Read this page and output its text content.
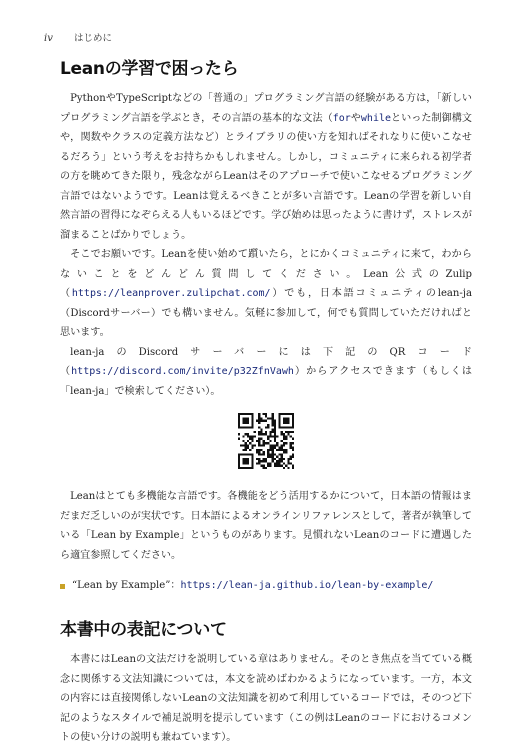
iv はじめに
Leanの学習で困ったら

PythonやTypeScriptなどの「普通の」プログラミング言語の経験がある方は，「新しいプログラミング言語を学ぶとき，その言語の基本的な文法（forやwhileといった制御構文や，関数やクラスの定義方法など）とライブラリの使い方を知ればそれなりに使いこなせるだろう」という考えをお持ちかもしれません。しかし，コミュニティに来られる初学者の方を眺めてきた限り，残念ながらLeanはそのアプローチで使いこなせるプログラミング言語ではないようです。Leanは覚えるべきことが多い言語です。Leanの学習を新しい自然言語の習得になぞらえる人もいるほどです。学び始めは思ったように書けず，ストレスが溜まることばかりでしょう。

そこでお願いです。Leanを使い始めて躓いたら，とにかくコミュニティに来て，わからないことをどんどん質問してください。Lean公式のZulip（https://leanprover.zulipchat.com/）でも，日本語コミュニティのlean-ja（Discordサーバー）でも構いません。気軽に参加して，何でも質問していただければと思います。

lean-jaのDiscordサーバーには下記のQRコード（https://discord.com/invite/p32ZfnVawh）からアクセスできます（もしくは「lean-ja」で検索してください）。

Leanはとても多機能な言語です。各機能をどう活用するかについて，日本語の情報はまだまだ乏しいのが実状です。日本語によるオンラインリファレンスとして，著者が執筆している「Lean by Example」というものがあります。見慣れないLeanのコードに遭遇したら適宜参照してください。

“Lean by Example”：https://lean-ja.github.io/lean-by-example/
本書中の表記について

本書にはLeanの文法だけを説明している章はありません。そのとき焦点を当てている概念に関係する文法知識については，本文を読めばわかるようになっています。一方，本文の内容には直接関係しないLeanの文法知識を初めて利用しているコードでは，そのつど下記のようなスタイルで補足説明を提示しています（この例はLeanのコードにおけるコメントの使い分けの説明も兼ねています）。
